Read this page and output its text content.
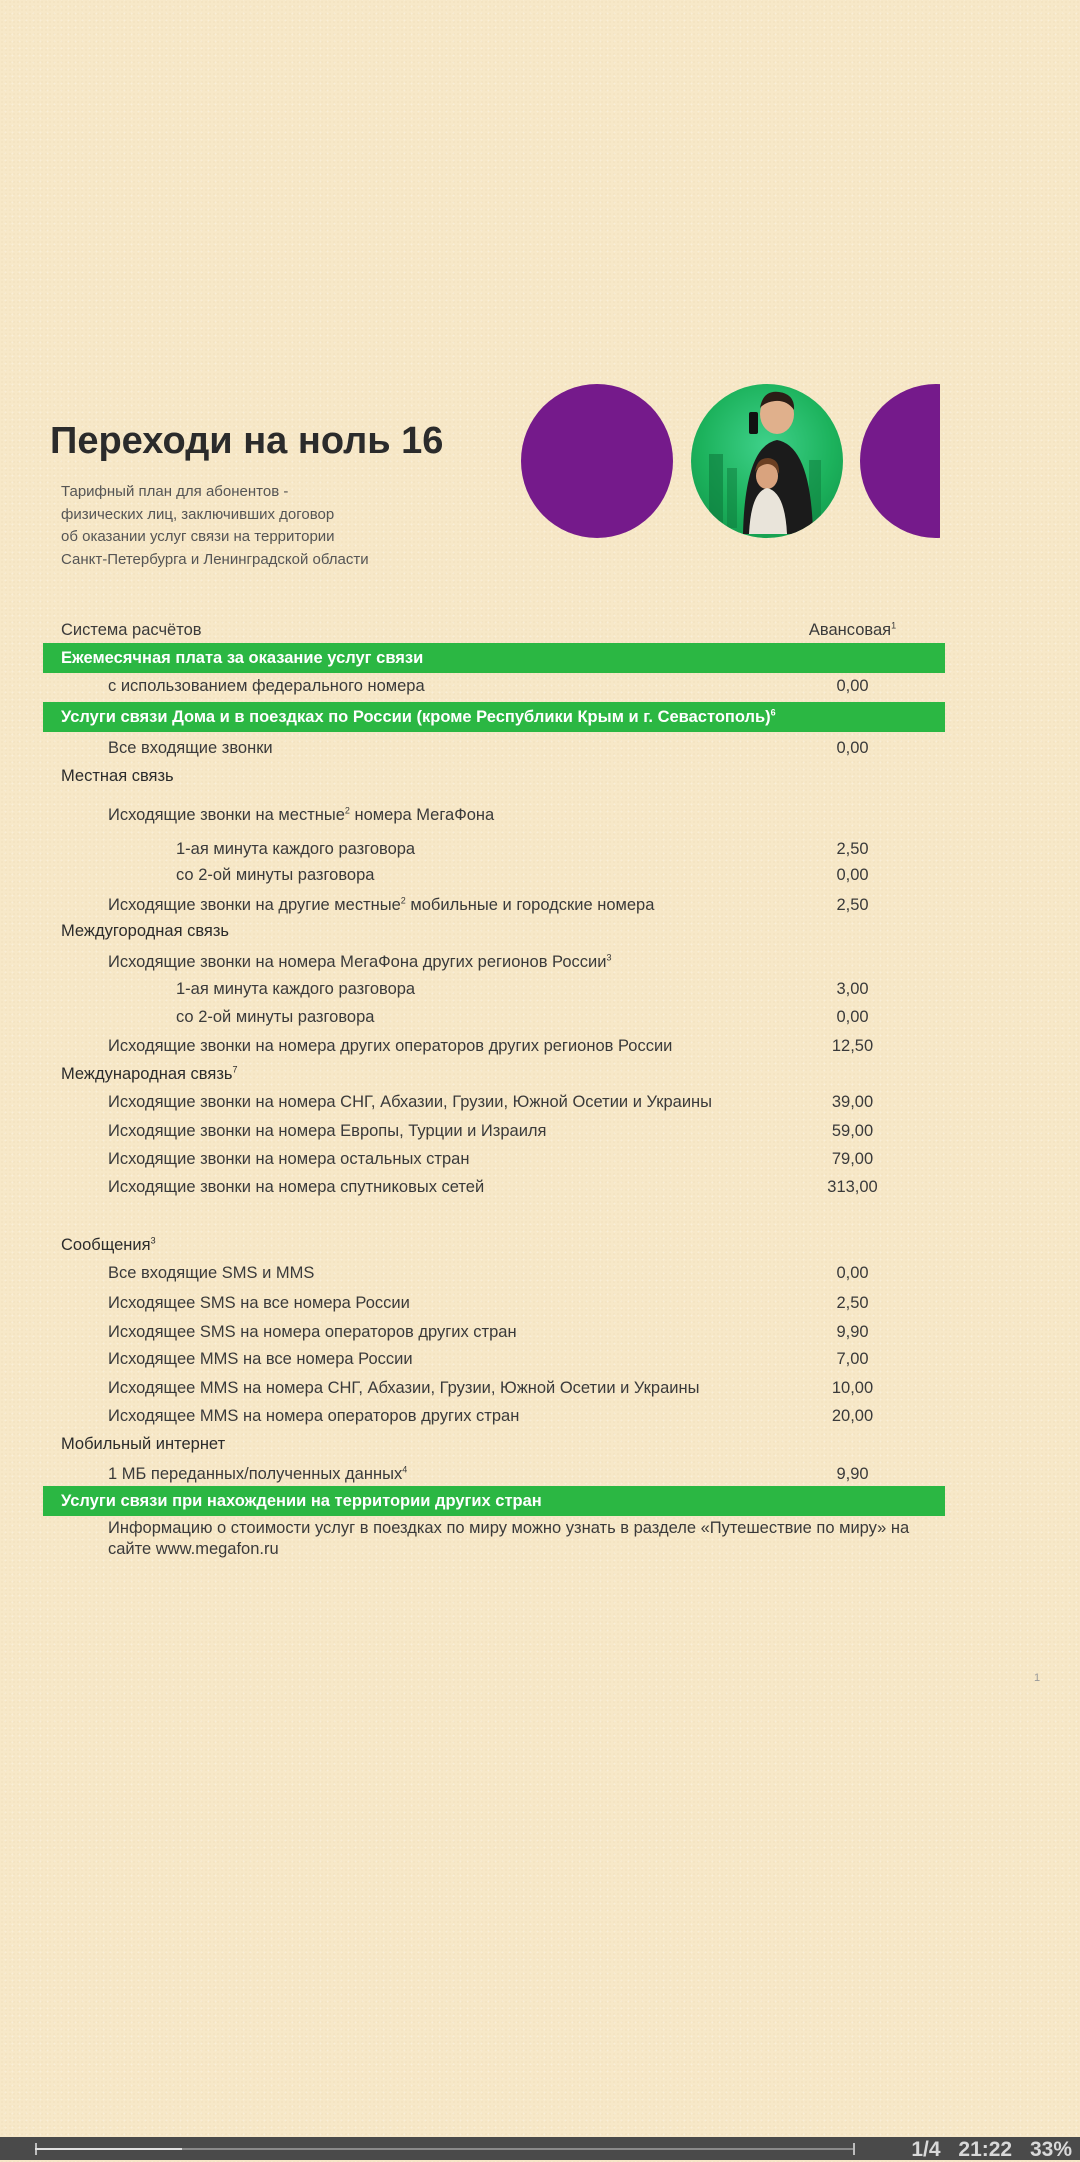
Переходи на ноль 16
Тарифный план для абонентов -
физических лиц, заключивших договор
об оказании услуг связи на территории
Санкт-Петербурга и Ленинградской области
Система расчётов	Авансовая$^1$
Ежемесячная плата за оказание услуг связи
с использованием федерального номера	0,00
Услуги связи Дома и в поездках по России (кроме Республики Крым и г. Севастополь)$^6$
Все входящие звонки	0,00
Местная связь
Исходящие звонки на местные$^2$ номера МегаФона
1-ая минута каждого разговора	2,50
со 2-ой минуты разговора	0,00
Исходящие звонки на другие местные$^2$ мобильные и городские номера	2,50
Междугородная связь
Исходящие звонки на номера МегаФона других регионов России$^3$
1-ая минута каждого разговора	3,00
со 2-ой минуты разговора	0,00
Исходящие звонки на номера других операторов других регионов России	12,50
Международная связь$^7$
Исходящие звонки на номера СНГ, Абхазии, Грузии, Южной Осетии и Украины	39,00
Исходящие звонки на номера Европы, Турции и Израиля	59,00
Исходящие звонки на номера остальных стран	79,00
Исходящие звонки на номера спутниковых сетей	313,00
Сообщения$^3$
Все входящие SMS и MMS	0,00
Исходящее SMS на все номера России	2,50
Исходящее SMS на номера операторов других стран	9,90
Исходящее MMS на все номера России	7,00
Исходящее MMS на номера СНГ, Абхазии, Грузии, Южной Осетии и Украины	10,00
Исходящее MMS на номера операторов других стран	20,00
Мобильный интернет
1 МБ переданных/полученных данных$^4$	9,90
Услуги связи при нахождении на территории других стран
Информацию о стоимости услуг в поездках по миру можно узнать в разделе «Путешествие по миру» на сайте www.megafon.ru
1
1/4 21:22 33%
